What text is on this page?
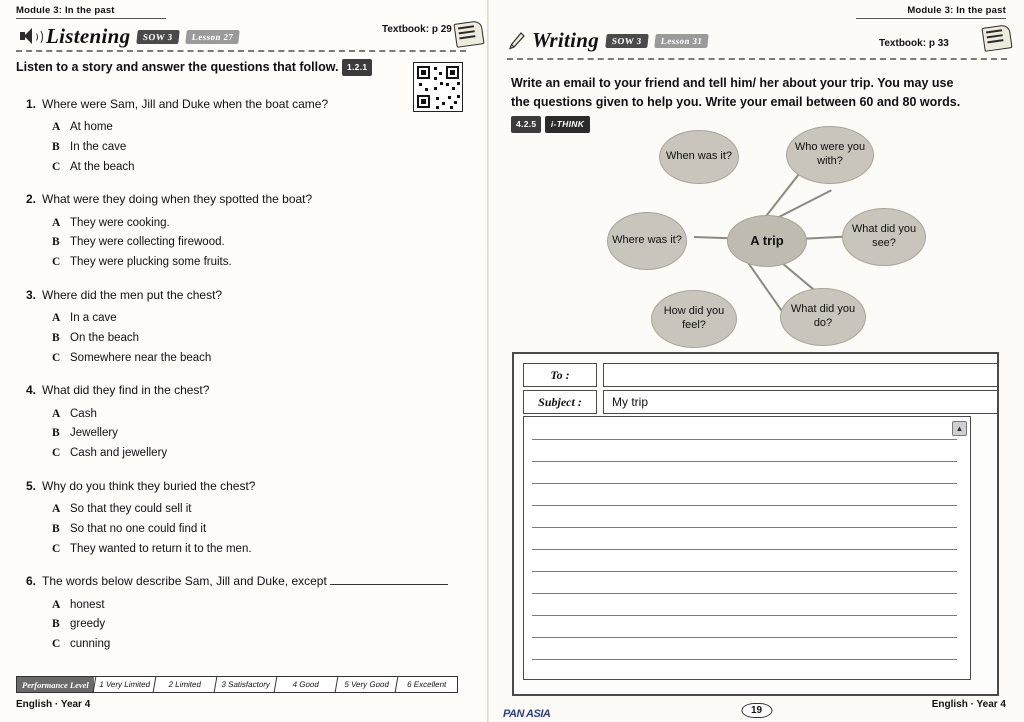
Module 3: In the past
Listening	SOW 3	Lesson 27
Textbook: p 29
Listen to a story and answer the questions that follow. 1.2.1
1. Where were Sam, Jill and Duke when the boat came?
A At home
B In the cave
C At the beach
2. What were they doing when they spotted the boat?
A They were cooking.
B They were collecting firewood.
C They were plucking some fruits.
3. Where did the men put the chest?
A In a cave
B On the beach
C Somewhere near the beach
4. What did they find in the chest?
A Cash
B Jewellery
C Cash and jewellery
5. Why do you think they buried the chest?
A So that they could sell it
B So that no one could find it
C They wanted to return it to the men.
6. The words below describe Sam, Jill and Duke, except
A honest
B greedy
C cunning
Performance Level	1 Very Limited	2 Limited	3 Satisfactory	4 Good	5 Very Good	6 Excellent
English · Year 4
Module 3: In the past
Writing	SOW 3	Lesson 31	Textbook: p 33
Write an email to your friend and tell him/ her about your trip. You may use
the questions given to help you. Write your email between 60 and 80 words.
4.2.5 i-THINK
A trip
When was it?
Who were you with?
Where was it?
What did you see?
How did you feel?
What did you do?
To :
Subject :	My trip
▲
PAN ASIA	19
English · Year 4
